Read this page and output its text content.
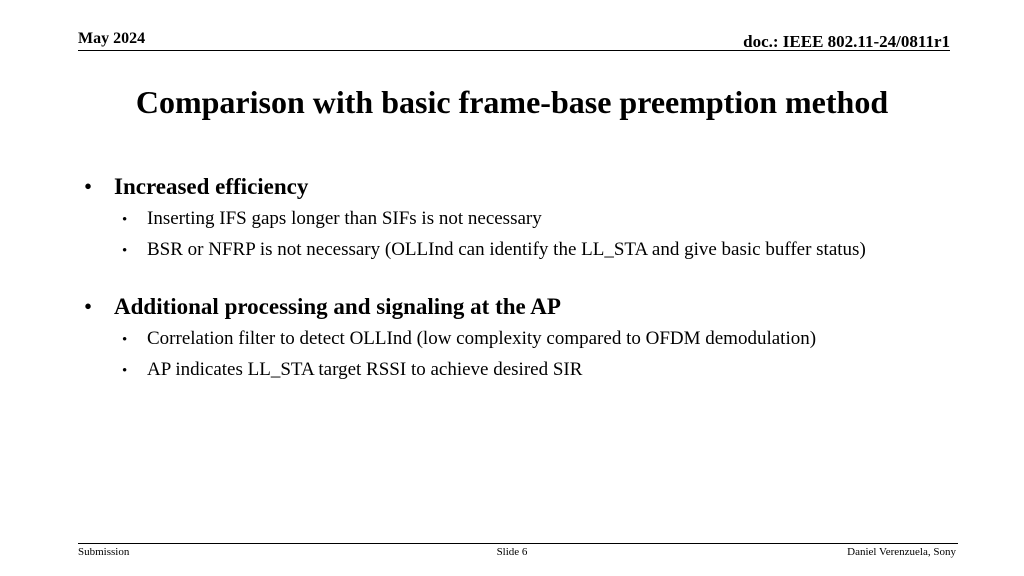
May 2024	doc.: IEEE 802.11-24/0811r1
Comparison with basic frame-base preemption method
• Increased efficiency
•	Inserting IFS gaps longer than SIFs is not necessary
•	BSR or NFRP is not necessary (OLLInd can identify the LL_STA and give basic buffer status)
• Additional processing and signaling at the AP
•	Correlation filter to detect OLLInd (low complexity compared to OFDM demodulation)
•	AP indicates LL_STA target RSSI to achieve desired SIR
Submission	Slide 6	Daniel Verenzuela, Sony
